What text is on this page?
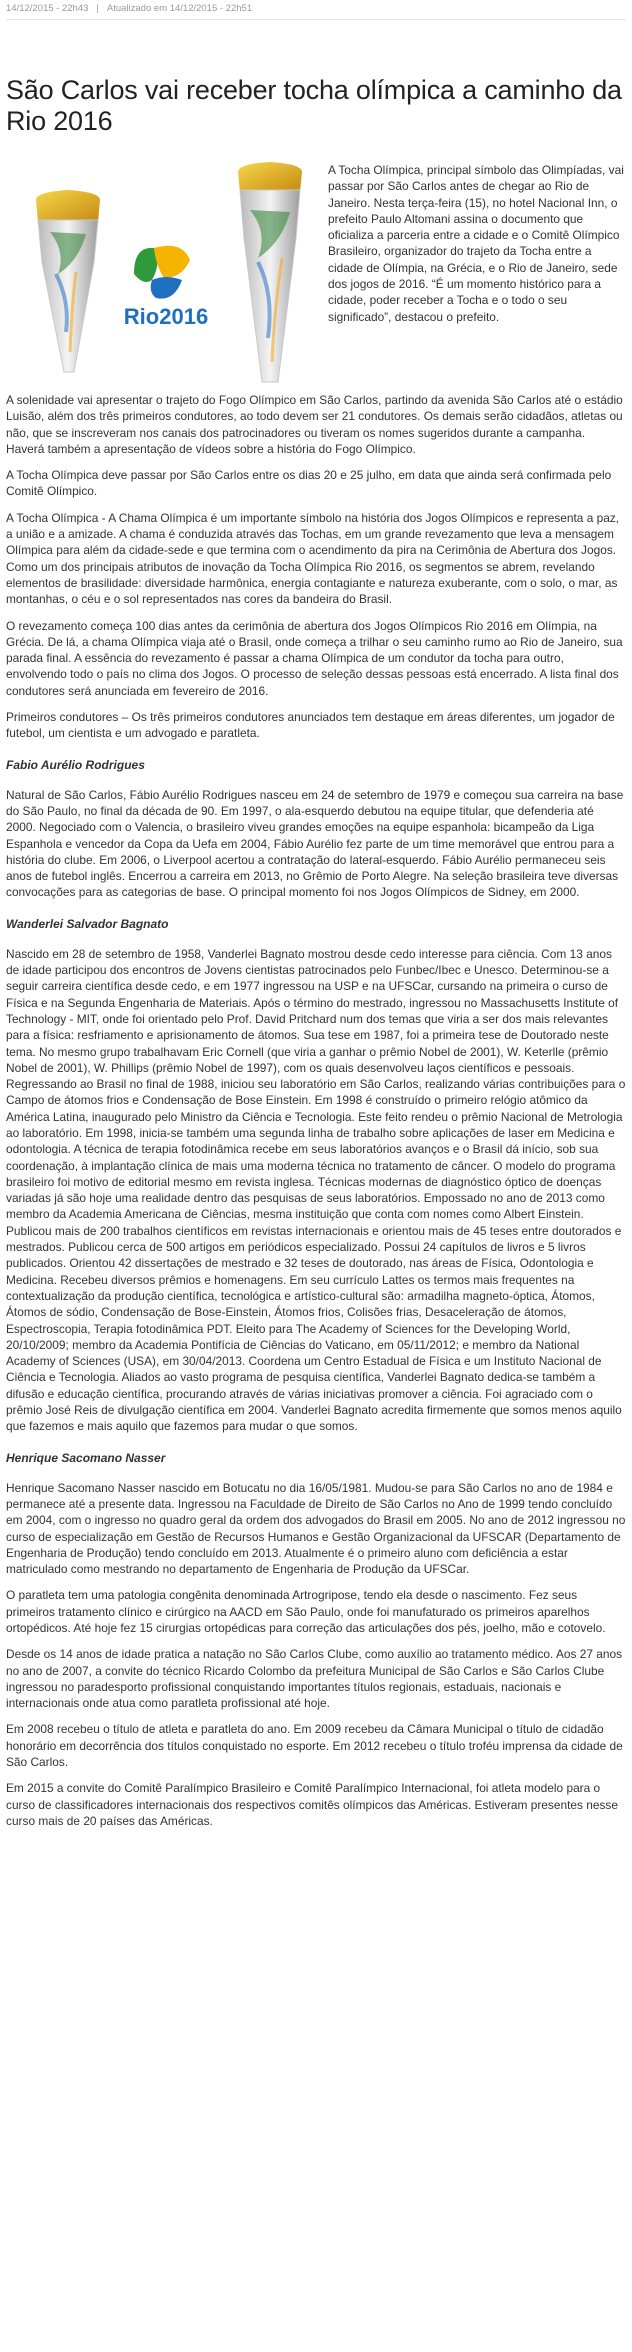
14/12/2015 - 22h43 | Atualizado em 14/12/2015 - 22h51
São Carlos vai receber tocha olímpica a caminho da Rio 2016
Rio2016

A Tocha Olímpica, principal símbolo das Olimpíadas, vai passar por São Carlos antes de chegar ao Rio de Janeiro. Nesta terça-feira (15), no hotel Nacional Inn, o prefeito Paulo Altomani assina o documento que oficializa a parceria entre a cidade e o Comitê Olímpico Brasileiro, organizador do trajeto da Tocha entre a cidade de Olímpia, na Grécia, e o Rio de Janeiro, sede dos jogos de 2016. “É um momento histórico para a cidade, poder receber a Tocha e o todo o seu significado”, destacou o prefeito.

A solenidade vai apresentar o trajeto do Fogo Olímpico em São Carlos, partindo da avenida São Carlos até o estádio Luisão, além dos três primeiros condutores, ao todo devem ser 21 condutores. Os demais serão cidadãos, atletas ou não, que se inscreveram nos canais dos patrocinadores ou tiveram os nomes sugeridos durante a campanha. Haverá também a apresentação de vídeos sobre a história do Fogo Olímpico.

A Tocha Olímpica deve passar por São Carlos entre os dias 20 e 25 julho, em data que ainda será confirmada pelo Comitê Olímpico.

A Tocha Olímpica - A Chama Olímpica é um importante símbolo na história dos Jogos Olímpicos e representa a paz, a união e a amizade. A chama é conduzida através das Tochas, em um grande revezamento que leva a mensagem Olímpica para além da cidade-sede e que termina com o acendimento da pira na Cerimônia de Abertura dos Jogos. Como um dos principais atributos de inovação da Tocha Olímpica Rio 2016, os segmentos se abrem, revelando elementos de brasilidade: diversidade harmônica, energia contagiante e natureza exuberante, com o solo, o mar, as montanhas, o céu e o sol representados nas cores da bandeira do Brasil.

O revezamento começa 100 dias antes da cerimônia de abertura dos Jogos Olímpicos Rio 2016 em Olímpia, na Grécia. De lá, a chama Olímpica viaja até o Brasil, onde começa a trilhar o seu caminho rumo ao Rio de Janeiro, sua parada final. A essência do revezamento é passar a chama Olímpica de um condutor da tocha para outro, envolvendo todo o país no clima dos Jogos. O processo de seleção dessas pessoas está encerrado. A lista final dos condutores será anunciada em fevereiro de 2016.

Primeiros condutores – Os três primeiros condutores anunciados tem destaque em áreas diferentes, um jogador de futebol, um cientista e um advogado e paratleta.

Fabio Aurélio Rodrigues

Natural de São Carlos, Fábio Aurélio Rodrigues nasceu em 24 de setembro de 1979 e começou sua carreira na base do São Paulo, no final da década de 90. Em 1997, o ala-esquerdo debutou na equipe titular, que defenderia até 2000. Negociado com o Valencia, o brasileiro viveu grandes emoções na equipe espanhola: bicampeão da Liga Espanhola e vencedor da Copa da Uefa em 2004, Fábio Aurélio fez parte de um time memorável que entrou para a história do clube. Em 2006, o Liverpool acertou a contratação do lateral-esquerdo. Fábio Aurélio permaneceu seis anos de futebol inglês. Encerrou a carreira em 2013, no Grêmio de Porto Alegre. Na seleção brasileira teve diversas convocações para as categorias de base. O principal momento foi nos Jogos Olímpicos de Sidney, em 2000.

Wanderlei Salvador Bagnato

Nascido em 28 de setembro de 1958, Vanderlei Bagnato mostrou desde cedo interesse para ciência. Com 13 anos de idade participou dos encontros de Jovens cientistas patrocinados pelo Funbec/Ibec e Unesco. Determinou-se a seguir carreira científica desde cedo, e em 1977 ingressou na USP e na UFSCar, cursando na primeira o curso de Física e na Segunda Engenharia de Materiais. Após o término do mestrado, ingressou no Massachusetts Institute of Technology - MIT, onde foi orientado pelo Prof. David Pritchard num dos temas que viria a ser dos mais relevantes para a física: resfriamento e aprisionamento de átomos. Sua tese em 1987, foi a primeira tese de Doutorado neste tema. No mesmo grupo trabalhavam Eric Cornell (que viria a ganhar o prêmio Nobel de 2001), W. Keterlle (prêmio Nobel de 2001), W. Phillips (prêmio Nobel de 1997), com os quais desenvolveu laços científicos e pessoais. Regressando ao Brasil no final de 1988, iniciou seu laboratório em São Carlos, realizando várias contribuições para o Campo de átomos frios e Condensação de Bose Einstein. Em 1998 é construído o primeiro relógio atômico da América Latina, inaugurado pelo Ministro da Ciência e Tecnologia. Este feito rendeu o prêmio Nacional de Metrologia ao laboratório. Em 1998, inicia-se também uma segunda linha de trabalho sobre aplicações de laser em Medicina e odontologia. A técnica de terapia fotodinâmica recebe em seus laboratórios avanços e o Brasil dá início, sob sua coordenação, à implantação clínica de mais uma moderna técnica no tratamento de câncer. O modelo do programa brasileiro foi motivo de editorial mesmo em revista inglesa. Técnicas modernas de diagnóstico óptico de doenças variadas já são hoje uma realidade dentro das pesquisas de seus laboratórios. Empossado no ano de 2013 como membro da Academia Americana de Ciências, mesma instituição que conta com nomes como Albert Einstein. Publicou mais de 200 trabalhos científicos em revistas internacionais e orientou mais de 45 teses entre doutorados e mestrados. Publicou cerca de 500 artigos em periódicos especializado. Possui 24 capítulos de livros e 5 livros publicados. Orientou 42 dissertações de mestrado e 32 teses de doutorado, nas áreas de Física, Odontologia e Medicina. Recebeu diversos prêmios e homenagens. Em seu currículo Lattes os termos mais frequentes na contextualização da produção científica, tecnológica e artístico-cultural são: armadilha magneto-óptica, Átomos, Átomos de sódio, Condensação de Bose-Einstein, Átomos frios, Colisões frias, Desaceleração de átomos, Espectroscopia, Terapia fotodinâmica PDT. Eleito para The Academy of Sciences for the Developing World, 20/10/2009; membro da Academia Pontifícia de Ciências do Vaticano, em 05/11/2012; e membro da National Academy of Sciences (USA), em 30/04/2013. Coordena um Centro Estadual de Física e um Instituto Nacional de Ciência e Tecnologia. Aliados ao vasto programa de pesquisa científica, Vanderlei Bagnato dedica-se também a difusão e educação científica, procurando através de várias iniciativas promover a ciência. Foi agraciado com o prêmio José Reis de divulgação científica em 2004. Vanderlei Bagnato acredita firmemente que somos menos aquilo que fazemos e mais aquilo que fazemos para mudar o que somos.

Henrique Sacomano Nasser

Henrique Sacomano Nasser nascido em Botucatu no dia 16/05/1981. Mudou-se para São Carlos no ano de 1984 e permanece até a presente data. Ingressou na Faculdade de Direito de São Carlos no Ano de 1999 tendo concluído em 2004, com o ingresso no quadro geral da ordem dos advogados do Brasil em 2005. No ano de 2012 ingressou no curso de especialização em Gestão de Recursos Humanos e Gestão Organizacional da UFSCAR (Departamento de Engenharia de Produção) tendo concluído em 2013. Atualmente é o primeiro aluno com deficiência a estar matriculado como mestrando no departamento de Engenharia de Produção da UFSCar.

O paratleta tem uma patologia congênita denominada Artrogripose, tendo ela desde o nascimento. Fez seus primeiros tratamento clínico e cirúrgico na AACD em São Paulo, onde foi manufaturado os primeiros aparelhos ortopédicos. Até hoje fez 15 cirurgias ortopédicas para correção das articulações dos pés, joelho, mão e cotovelo.

Desde os 14 anos de idade pratica a natação no São Carlos Clube, como auxílio ao tratamento médico. Aos 27 anos no ano de 2007, a convite do técnico Ricardo Colombo da prefeitura Municipal de São Carlos e São Carlos Clube ingressou no paradesporto profissional conquistando importantes títulos regionais, estaduais, nacionais e internacionais onde atua como paratleta profissional até hoje.

Em 2008 recebeu o título de atleta e paratleta do ano. Em 2009 recebeu da Câmara Municipal o título de cidadão honorário em decorrência dos títulos conquistado no esporte. Em 2012 recebeu o título troféu imprensa da cidade de São Carlos.

Em 2015 a convite do Comitê Paralímpico Brasileiro e Comitê Paralímpico Internacional, foi atleta modelo para o curso de classificadores internacionais dos respectivos comitês olímpicos das Américas. Estiveram presentes nesse curso mais de 20 países das Américas.
